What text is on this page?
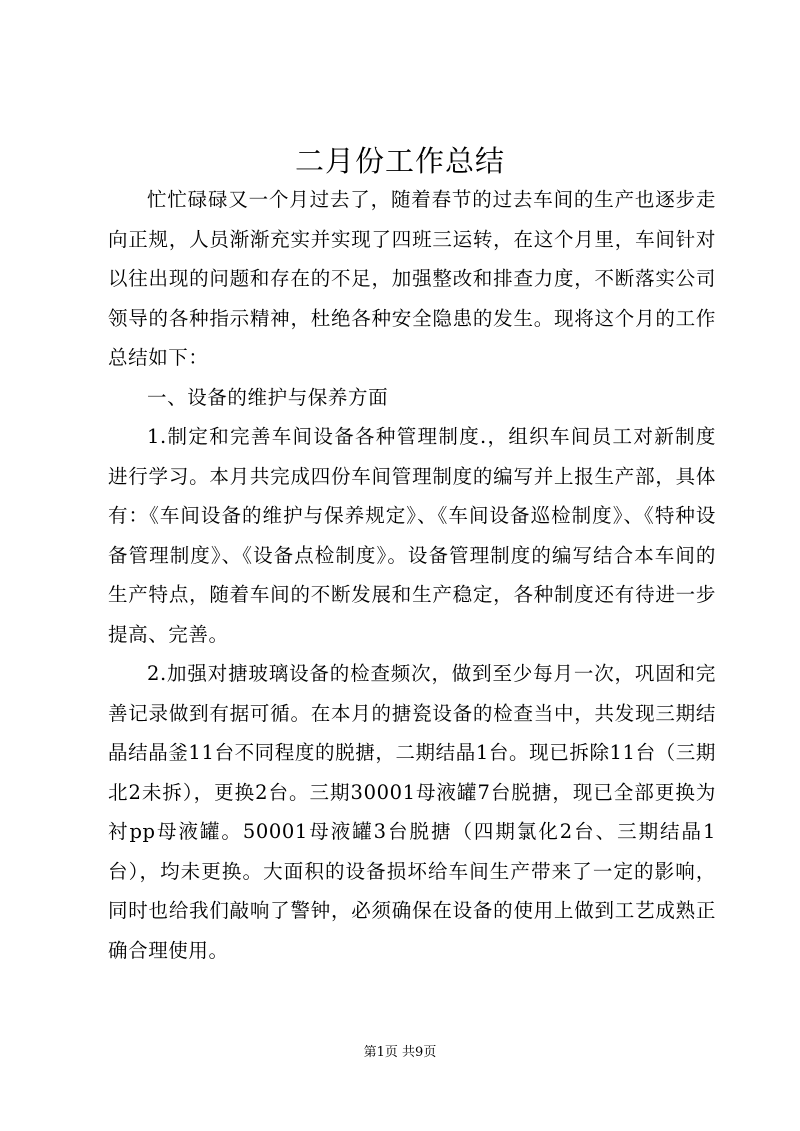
二月份工作总结

忙忙碌碌又一个月过去了，随着春节的过去车间的生产也逐步走向正规，人员渐渐充实并实现了四班三运转，在这个月里，车间针对以往出现的问题和存在的不足，加强整改和排查力度，不断落实公司领导的各种指示精神，杜绝各种安全隐患的发生。现将这个月的工作总结如下：

一、设备的维护与保养方面

1.制定和完善车间设备各种管理制度.，组织车间员工对新制度进行学习。本月共完成四份车间管理制度的编写并上报生产部，具体有：《车间设备的维护与保养规定》、《车间设备巡检制度》、《特种设备管理制度》、《设备点检制度》。设备管理制度的编写结合本车间的生产特点，随着车间的不断发展和生产稳定，各种制度还有待进一步提高、完善。

2.加强对搪玻璃设备的检查频次，做到至少每月一次，巩固和完善记录做到有据可循。在本月的搪瓷设备的检查当中，共发现三期结晶结晶釜11台不同程度的脱搪，二期结晶1台。现已拆除11台（三期北2未拆），更换2台。三期30001母液罐7台脱搪，现已全部更换为衬pp母液罐。50001母液罐3台脱搪（四期氯化2台、三期结晶1台），均未更换。大面积的设备损坏给车间生产带来了一定的影响，同时也给我们敲响了警钟，必须确保在设备的使用上做到工艺成熟正确合理使用。

第1页 共9页
